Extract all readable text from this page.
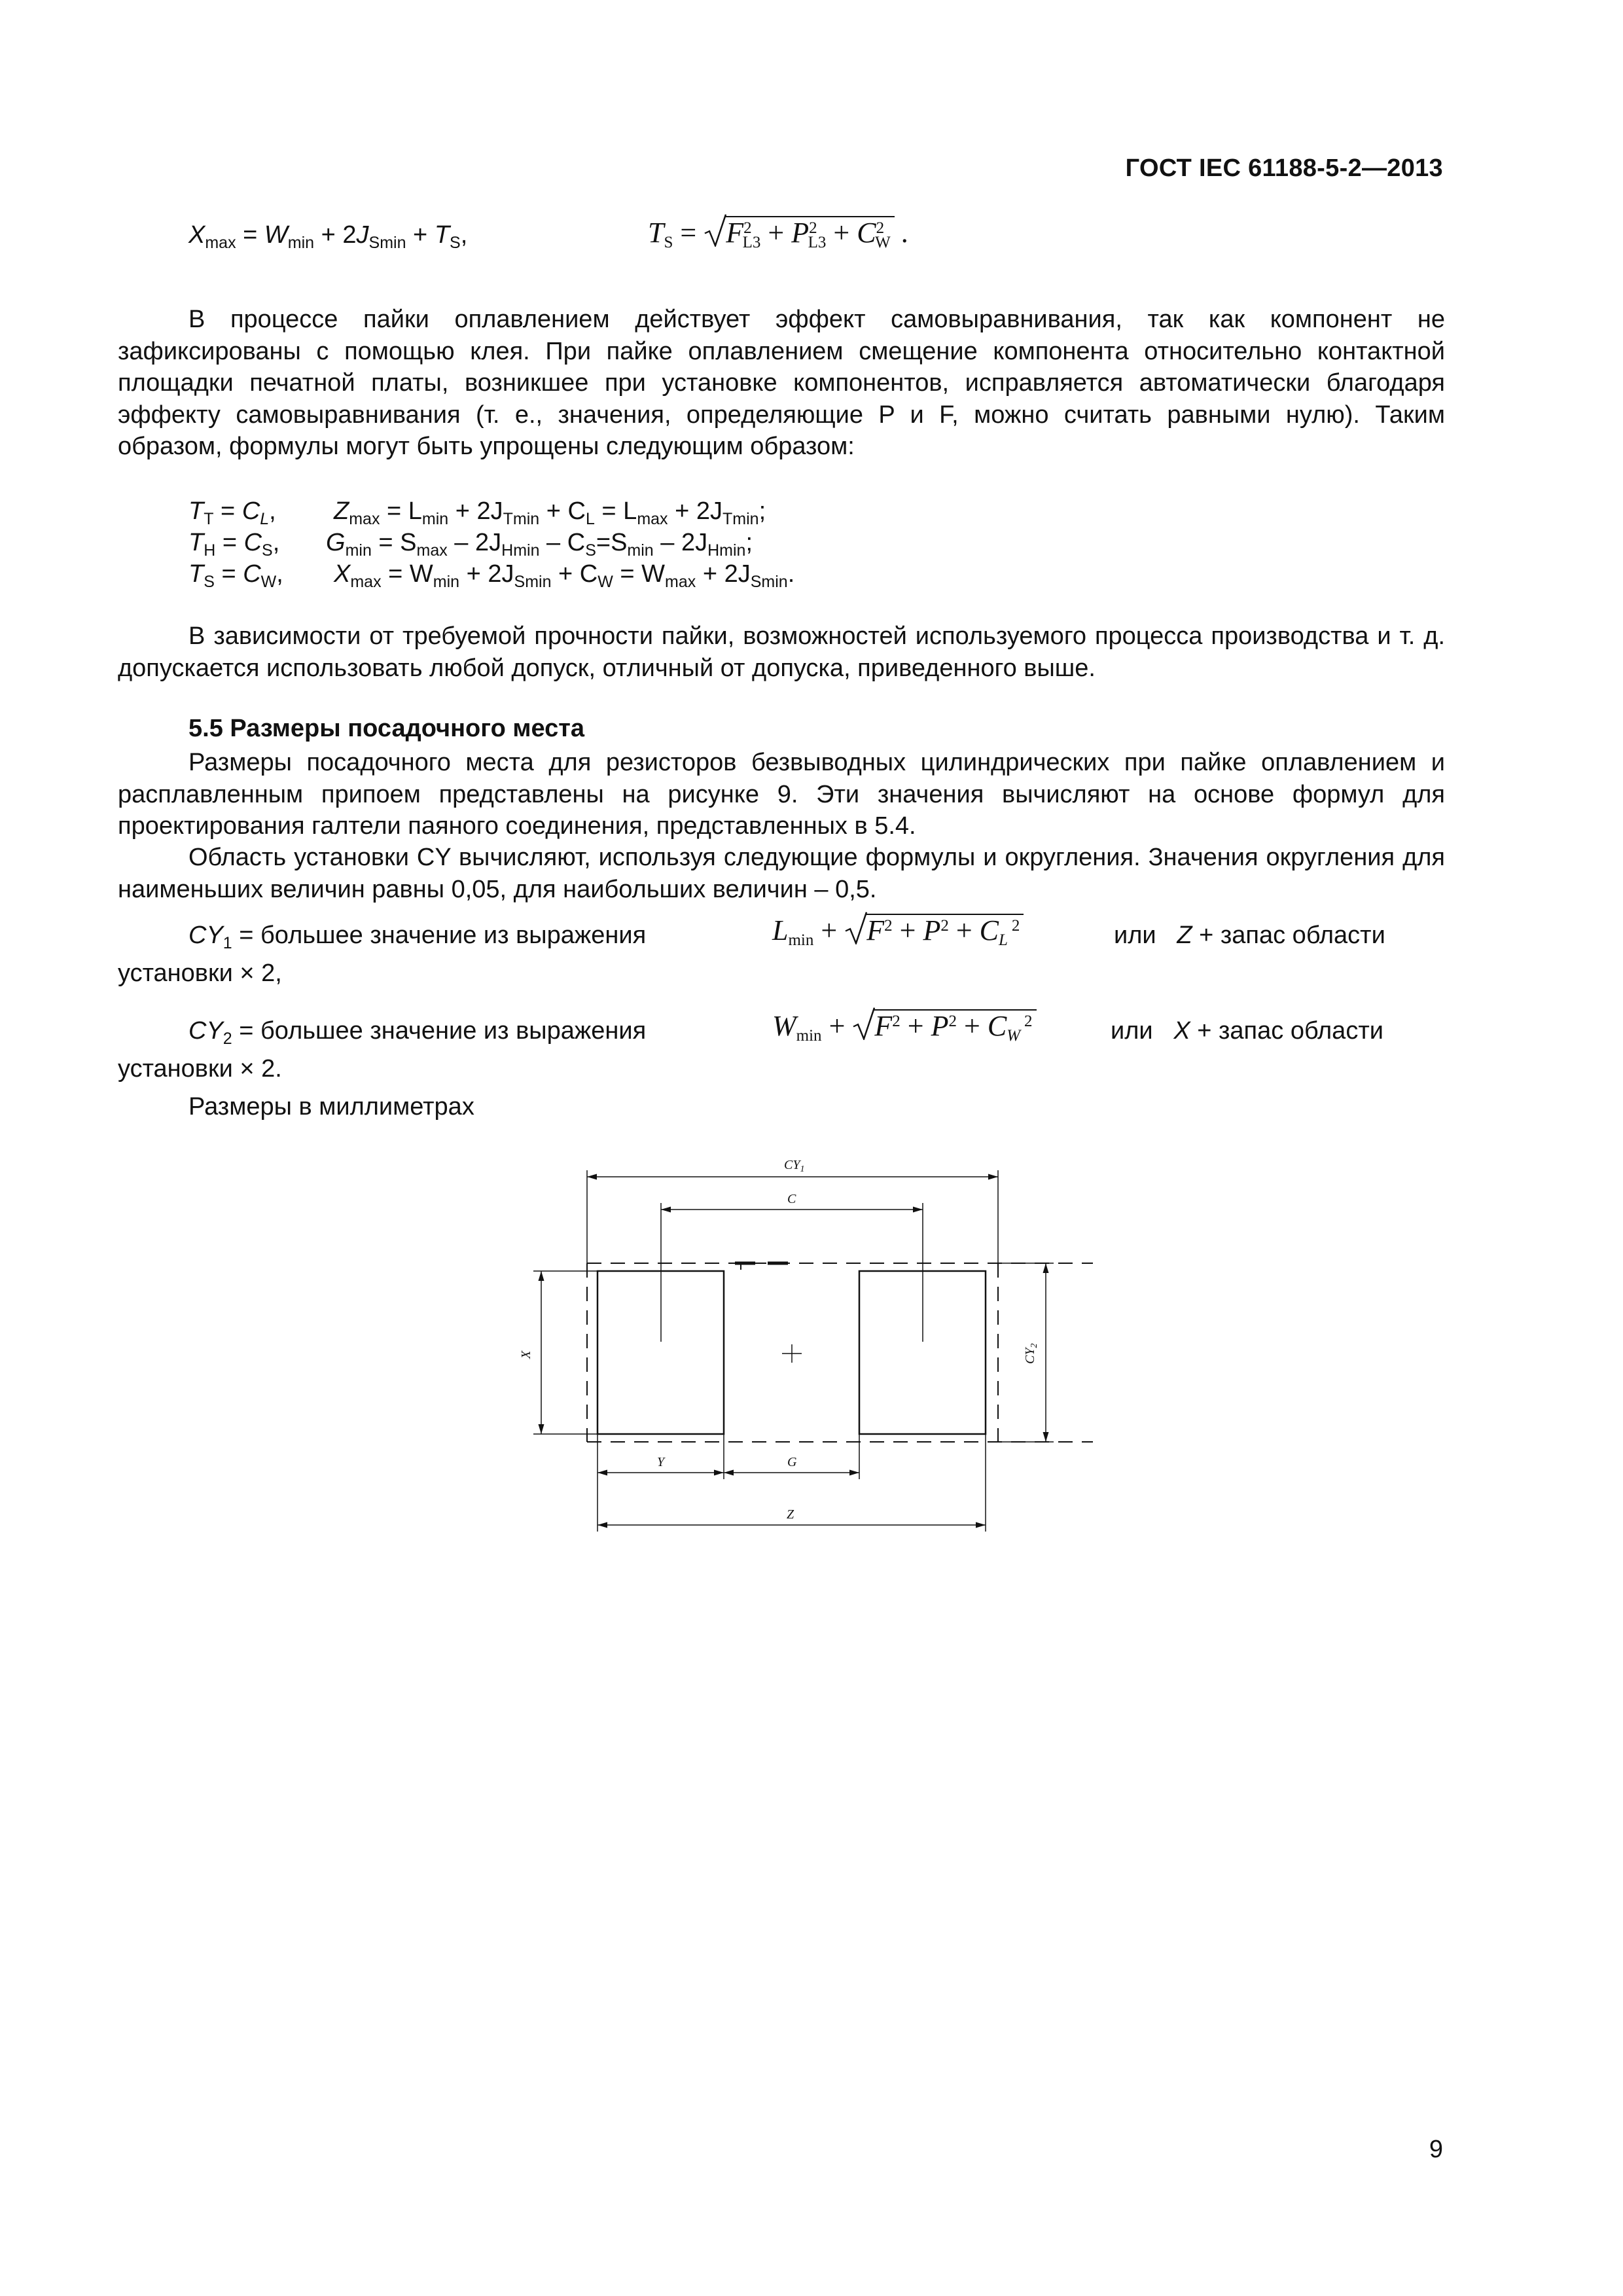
ГОСТ IEC 61188-5-2—2013
$X_{max} = W_{min} + 2J_{Smin} + T_S$,	$T_S$ =
$F^2_{L3} + P^2_{L3} + C^2_W$ .
В процессе пайки оплавлением действует эффект самовыравнивания, так как компонент не зафиксированы с помощью клея. При пайке оплавлением смещение компонента относительно контактной площадки печатной платы, возникшее при установке компонентов, исправляется автоматически благодаря эффекту самовыравнивания (т. е., значения, определяющие P и F, можно считать равными нулю). Таким образом, формулы могут быть упрощены следующим образом:
$T_T = C_L$, $Z_{max} = L_{min} + 2J_{Tmin} + C_L = L_{max} + 2J_{Tmin}$;
$T_H = C_S$, $G_{min} = S_{max} - 2J_{Hmin} - C_S=S_{min} - 2J_{Hmin}$;
$T_S = C_W$, $X_{max} = W_{min} + 2J_{Smin} + C_W = W_{max} + 2J_{Smin}$.
В зависимости от требуемой прочности пайки, возможностей используемого процесса производства и т. д. допускается использовать любой допуск, отличный от допуска, приведенного выше.
5.5 Размеры посадочного места
Размеры посадочного места для резисторов безвыводных цилиндрических при пайке оплавлением и расплавленным припоем представлены на рисунке 9. Эти значения вычисляют на основе формул для проектирования галтели паяного соединения, представленных в 5.4.
Область установки CY вычисляют, используя следующие формулы и округления. Значения округления для наименьших величин равны 0,05, для наибольших величин – 0,5.
$CY_1$ = большее значение из выражения	$L_{min}$ +
$F^2 + P^2 + C_L^2$	или Z + запас области
установки × 2,
$CY_2$ = большее значение из выражения	$W_{min}$ +
$F^2 + P^2 + C_W^2$	или X + запас области
установки × 2.
Размеры в миллиметрах
$CY_1$
C
X	$CY_2$
Y	G
Z
9
